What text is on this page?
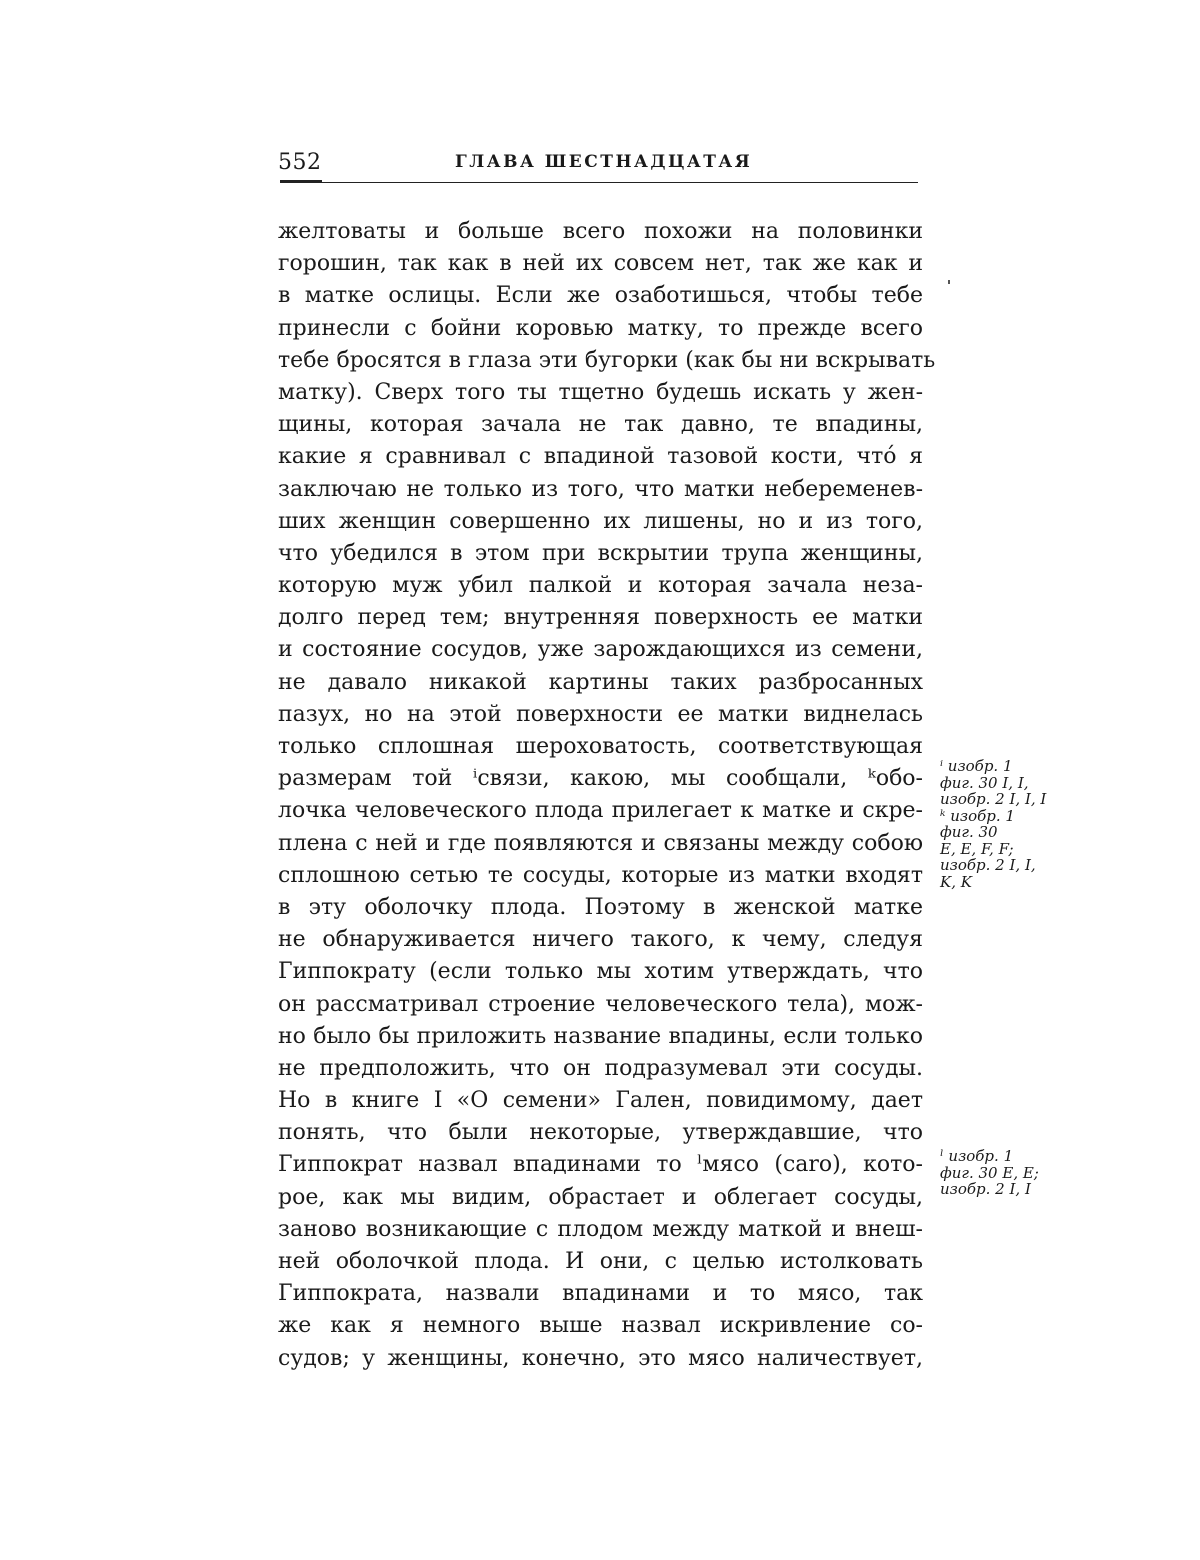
552	ГЛАВА ШЕСТНАДЦАТАЯ
желтоваты и больше всего похожи на половинки
горошин, так как в ней их совсем нет, так же как и
в матке ослицы. Если же озаботишься, чтобы тебе
принесли с бойни коровью матку, то прежде всего
тебе бросятся в глаза эти бугорки (как бы ни вскрывать
матку). Сверх того ты тщетно будешь искать у жен-
щины, которая зачала не так давно, те впадины,
какие я сравнивал с впадиной тазовой кости, что́ я
заключаю не только из того, что матки небеременев-
ших женщин совершенно их лишены, но и из того,
что убедился в этом при вскрытии трупа женщины,
которую муж убил палкой и которая зачала неза-
долго перед тем; внутренняя поверхность ее матки
и состояние сосудов, уже зарождающихся из семени,
не давало никакой картины таких разбросанных
пазух, но на этой поверхности ее матки виднелась
только сплошная шероховатость, соответствующая
размерам той ⁱсвязи, какою, мы сообщали, ᵏобо-
лочка человеческого плода прилегает к матке и скре-
плена с ней и где появляются и связаны между собою
сплошною сетью те сосуды, которые из матки входят
в эту оболочку плода. Поэтому в женской матке
не обнаруживается ничего такого, к чему, следуя
Гиппократу (если только мы хотим утверждать, что
он рассматривал строение человеческого тела), мож-
но было бы приложить название впадины, если только
не предположить, что он подразумевал эти сосуды.
Но в книге I «О семени» Гален, повидимому, дает
понять, что были некоторые, утверждавшие, что
Гиппократ назвал впадинами то ˡмясо (caro), кото-
рое, как мы видим, обрастает и облегает сосуды,
заново возникающие с плодом между маткой и внеш-
ней оболочкой плода. И они, с целью истолковать
Гиппократа, назвали впадинами и то мясо, так
же как я немного выше назвал искривление со-
судов; у женщины, конечно, это мясо наличествует,
ⁱ изобр. 1
фиг. 30 I, I,
изобр. 2 I, I, I
ᵏ изобр. 1
фиг. 30
E, E, F, F;
изобр. 2 I, I,
K, K
ˡ изобр. 1
фиг. 30 E, E;
изобр. 2 I, I
